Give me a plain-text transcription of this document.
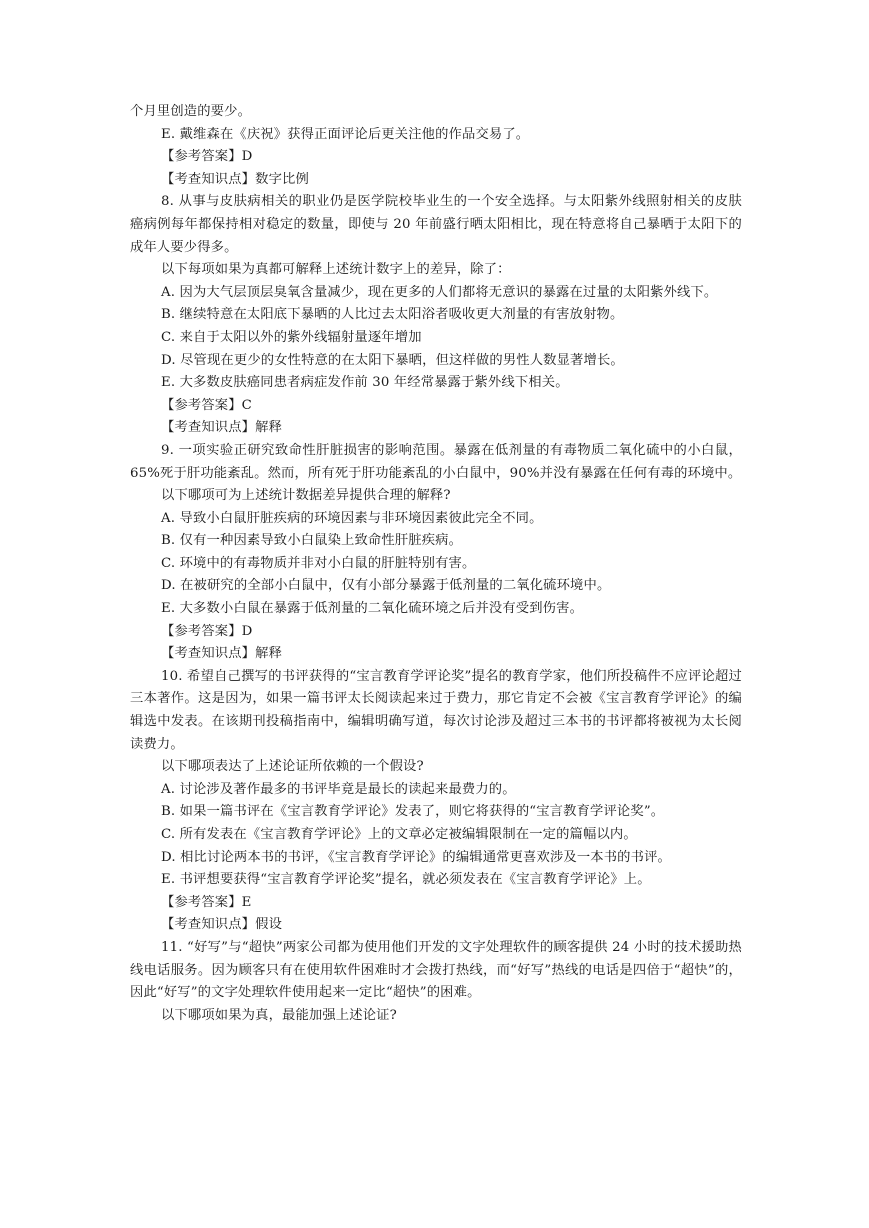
个月里创造的要少。

E. 戴维森在《庆祝》获得正面评论后更关注他的作品交易了。

【参考答案】D

【考查知识点】数字比例

8. 从事与皮肤病相关的职业仍是医学院校毕业生的一个安全选择。与太阳紫外线照射相关的皮肤癌病例每年都保持相对稳定的数量，即使与 20 年前盛行晒太阳相比，现在特意将自己暴晒于太阳下的成年人要少得多。

以下每项如果为真都可解释上述统计数字上的差异，除了：

A. 因为大气层顶层臭氧含量减少，现在更多的人们都将无意识的暴露在过量的太阳紫外线下。

B. 继续特意在太阳底下暴晒的人比过去太阳浴者吸收更大剂量的有害放射物。

C. 来自于太阳以外的紫外线辐射量逐年增加

D. 尽管现在更少的女性特意的在太阳下暴晒，但这样做的男性人数显著增长。

E. 大多数皮肤癌同患者病症发作前 30 年经常暴露于紫外线下相关。

【参考答案】C

【考查知识点】解释

9. 一项实验正研究致命性肝脏损害的影响范围。暴露在低剂量的有毒物质二氧化硫中的小白鼠，65%死于肝功能紊乱。然而，所有死于肝功能紊乱的小白鼠中，90%并没有暴露在任何有毒的环境中。

以下哪项可为上述统计数据差异提供合理的解释?

A. 导致小白鼠肝脏疾病的环境因素与非环境因素彼此完全不同。

B. 仅有一种因素导致小白鼠染上致命性肝脏疾病。

C. 环境中的有毒物质并非对小白鼠的肝脏特别有害。

D. 在被研究的全部小白鼠中，仅有小部分暴露于低剂量的二氧化硫环境中。

E. 大多数小白鼠在暴露于低剂量的二氧化硫环境之后并没有受到伤害。

【参考答案】D

【考查知识点】解释

10. 希望自己撰写的书评获得的“宝言教育学评论奖”提名的教育学家，他们所投稿件不应评论超过三本著作。这是因为，如果一篇书评太长阅读起来过于费力，那它肯定不会被《宝言教育学评论》的编辑选中发表。在该期刊投稿指南中，编辑明确写道，每次讨论涉及超过三本书的书评都将被视为太长阅读费力。

以下哪项表达了上述论证所依赖的一个假设?

A. 讨论涉及著作最多的书评毕竟是最长的读起来最费力的。

B. 如果一篇书评在《宝言教育学评论》发表了，则它将获得的“宝言教育学评论奖”。

C. 所有发表在《宝言教育学评论》上的文章必定被编辑限制在一定的篇幅以内。

D. 相比讨论两本书的书评，《宝言教育学评论》的编辑通常更喜欢涉及一本书的书评。

E. 书评想要获得“宝言教育学评论奖”提名，就必须发表在《宝言教育学评论》上。

【参考答案】E

【考查知识点】假设

11. “好写”与“超快”两家公司都为使用他们开发的文字处理软件的顾客提供 24 小时的技术援助热线电话服务。因为顾客只有在使用软件困难时才会拨打热线，而“好写”热线的电话是四倍于“超快”的，因此“好写”的文字处理软件使用起来一定比“超快”的困难。

以下哪项如果为真，最能加强上述论证?
